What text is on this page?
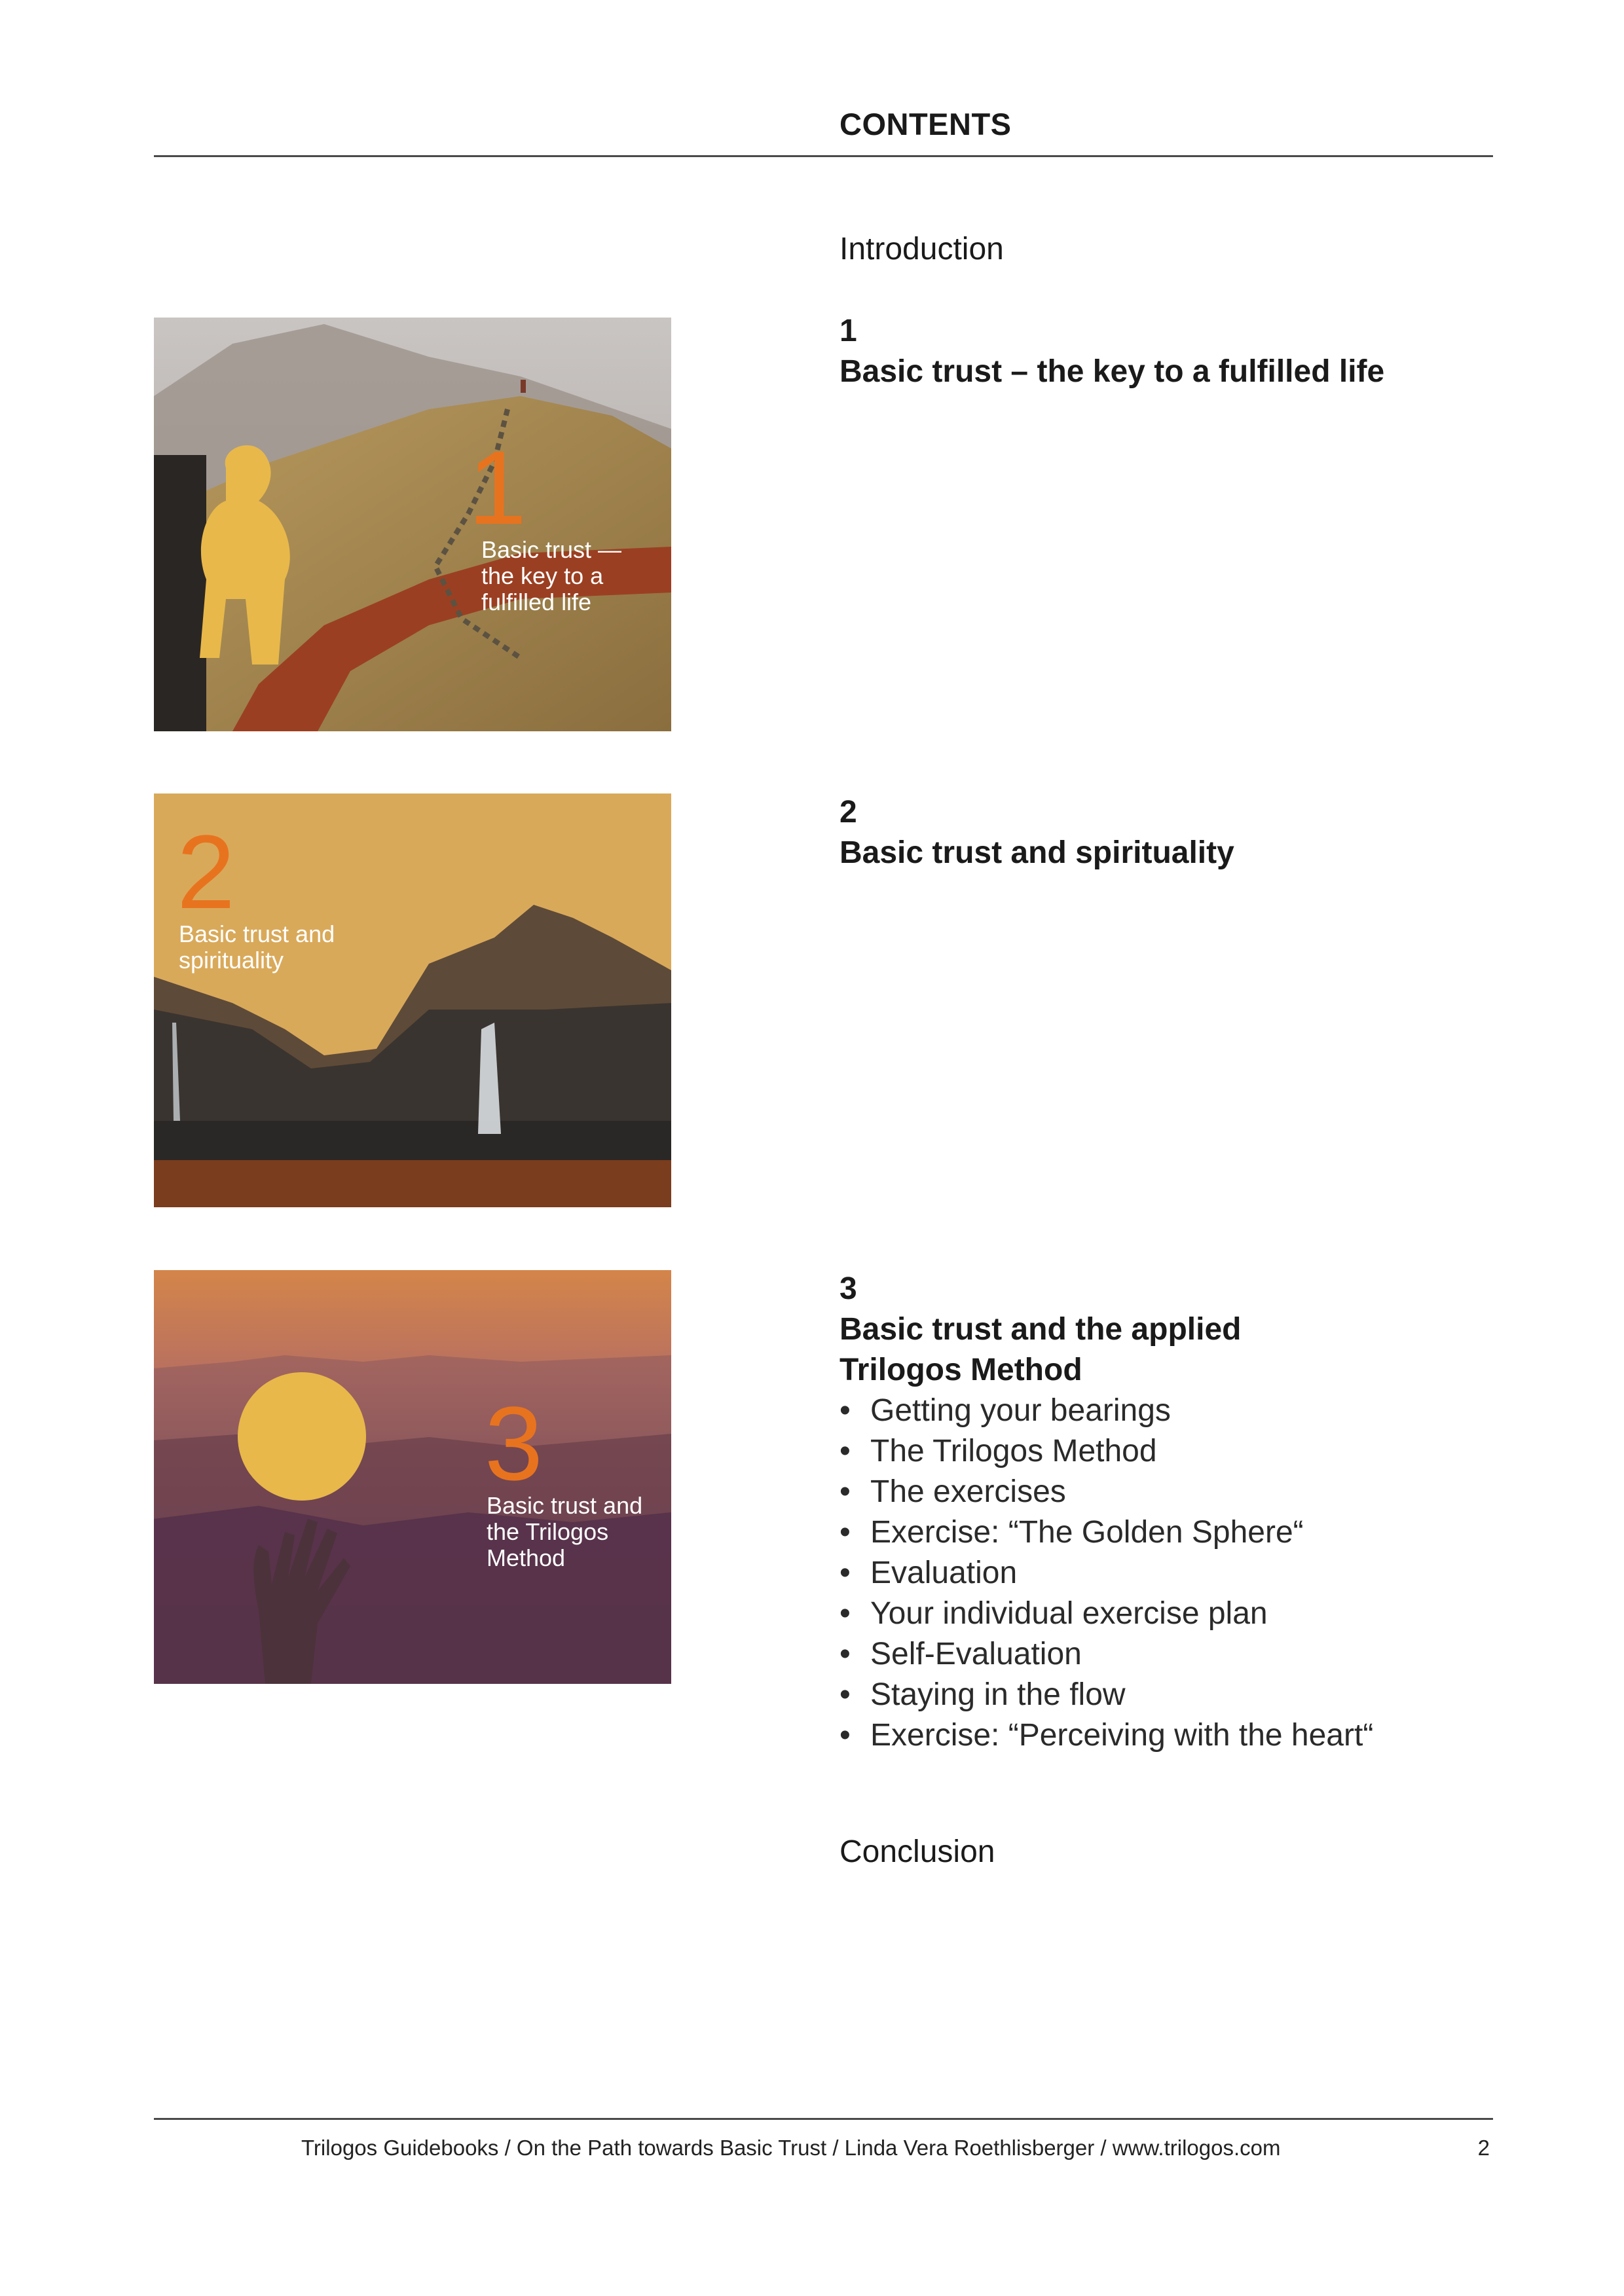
CONTENTS
Introduction
1
Basic trust – the key to a fulfilled life
2
Basic trust and spirituality
3
Basic trust and the applied
Trilogos Method
• Getting your bearings
• The Trilogos Method
• The exercises
• Exercise: “The Golden Sphere“
• Evaluation
• Your individual exercise plan
• Self-Evaluation
• Staying in the flow
• Exercise: “Perceiving with the heart“
Conclusion
1
Basic trust —
the key to a
fulfilled life
2
Basic trust and
spirituality
3
Basic trust and
the Trilogos
Method
Trilogos Guidebooks / On the Path towards Basic Trust / Linda Vera Roethlisberger / www.trilogos.com	2
